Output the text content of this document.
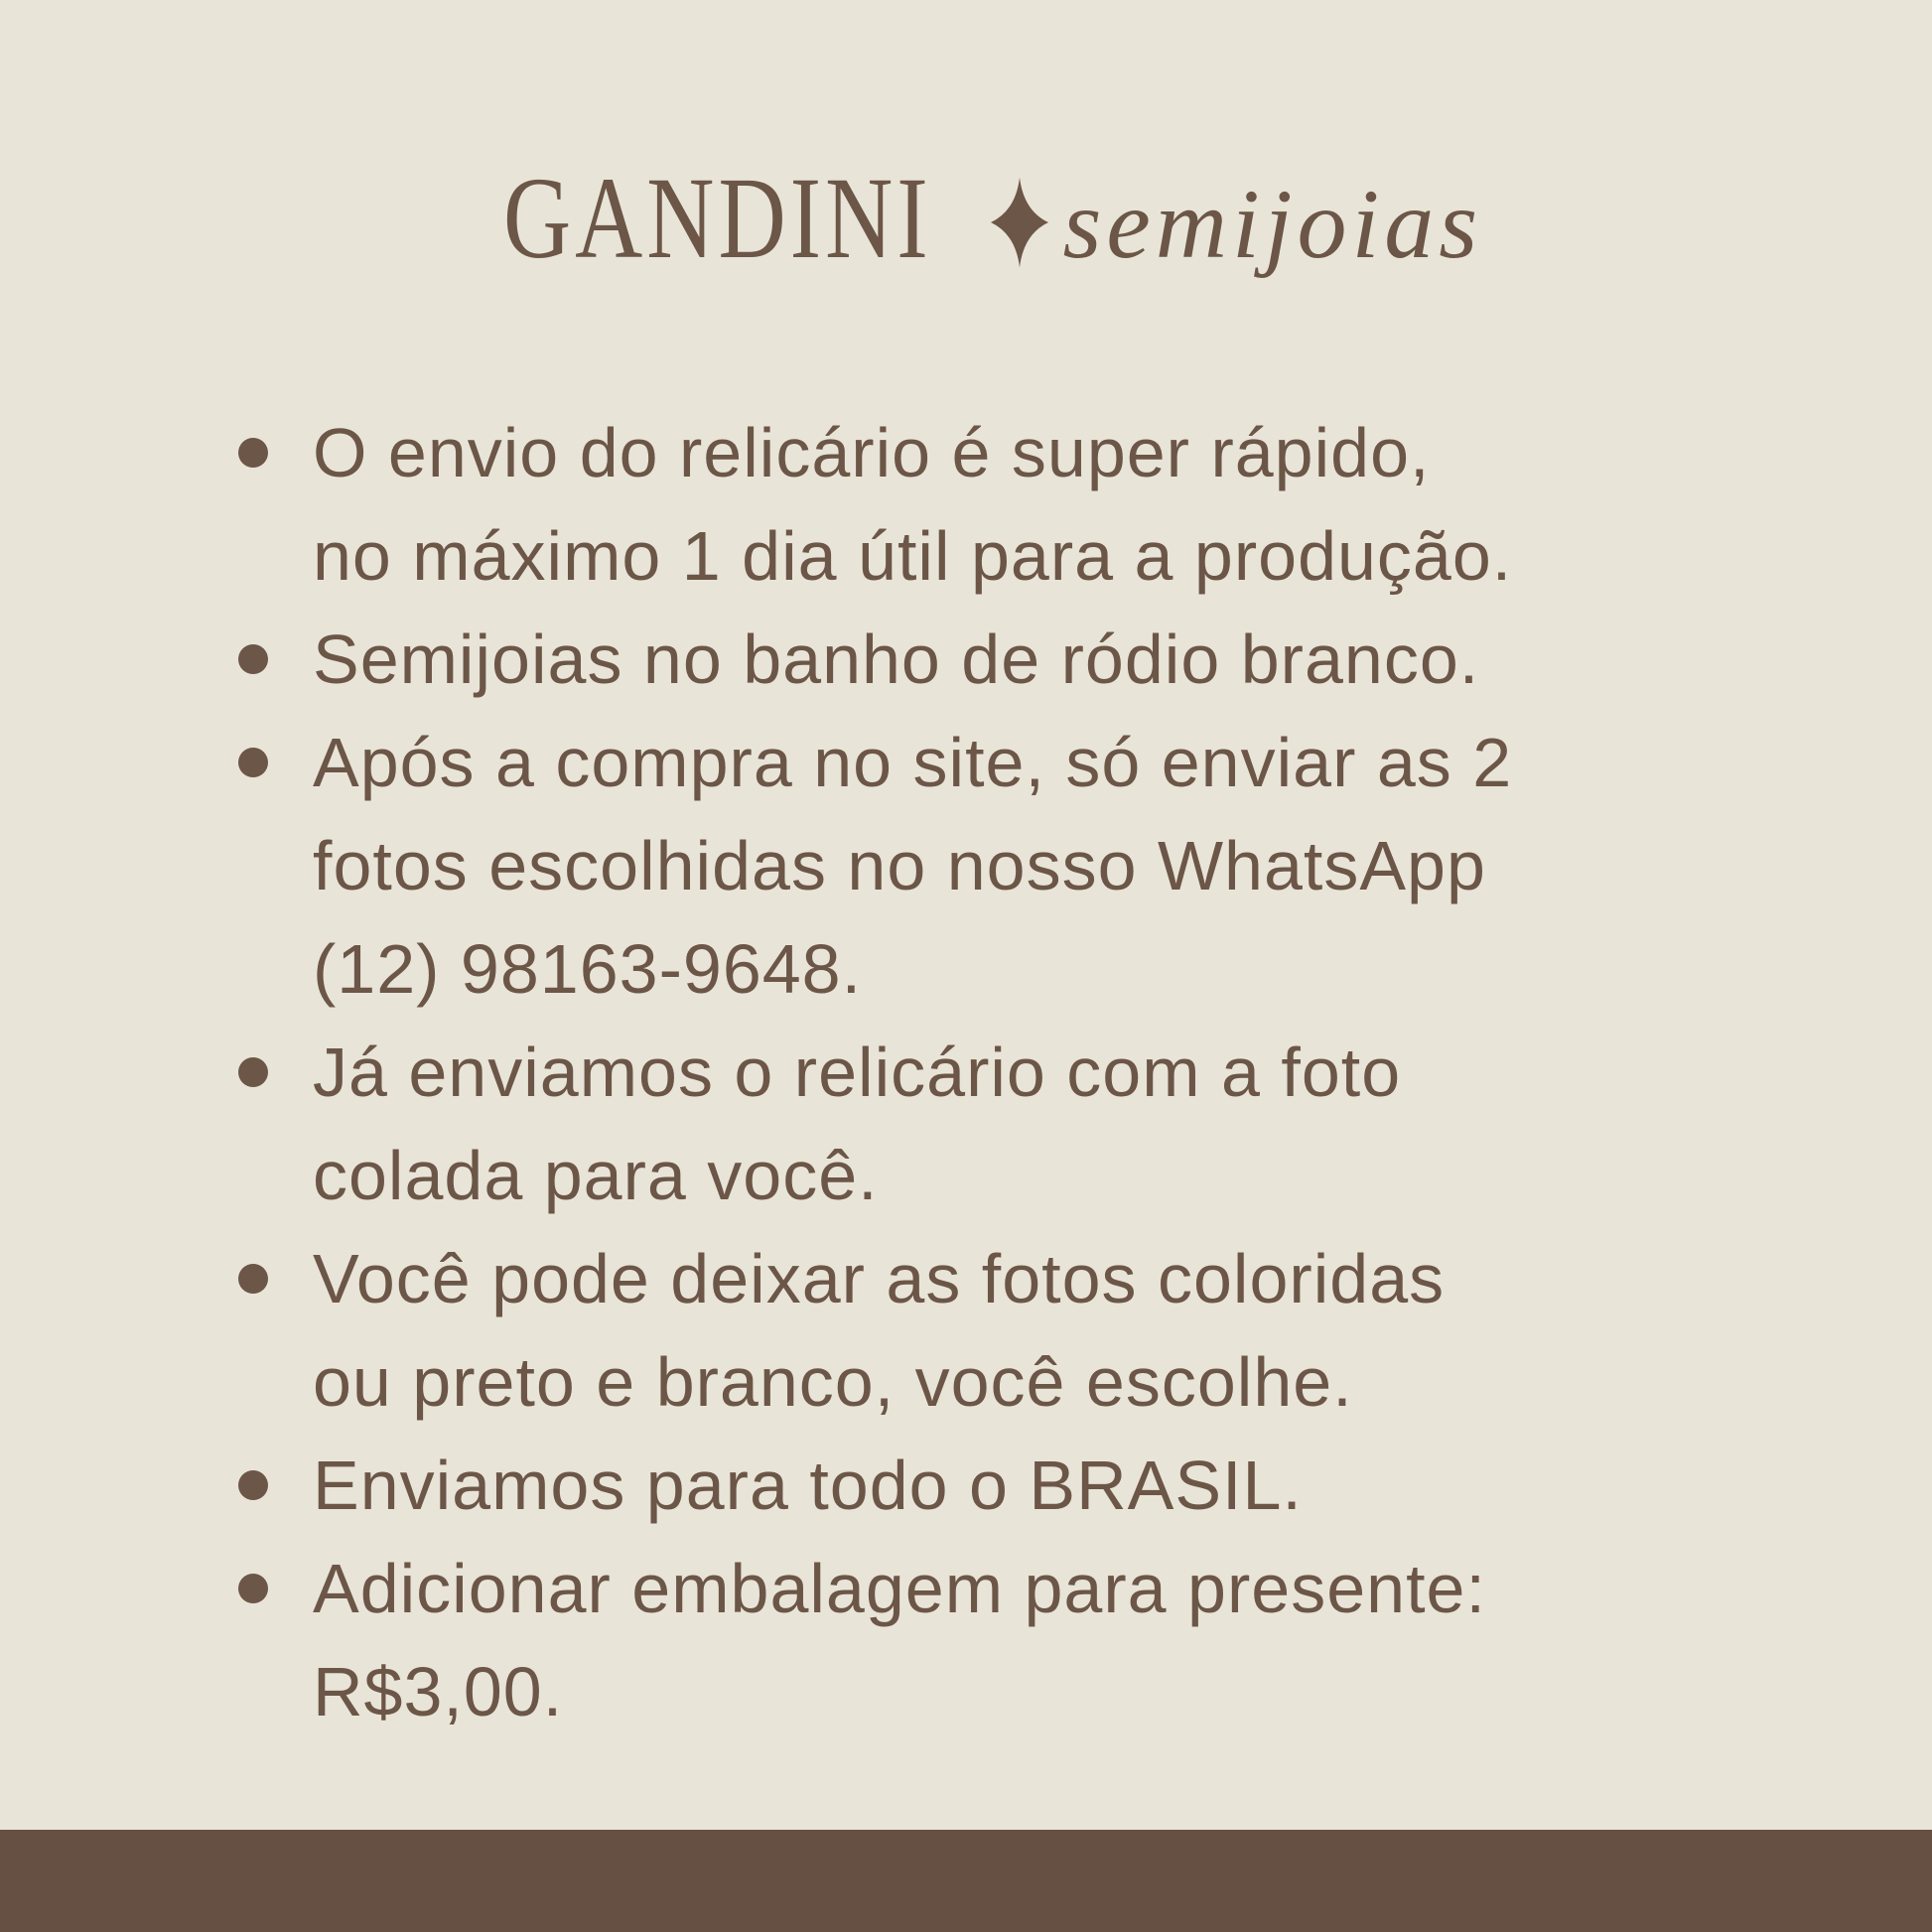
GANDINI semijoias
O envio do relicário é super rápido,
no máximo 1 dia útil para a produção.
Semijoias no banho de ródio branco.
Após a compra no site, só enviar as 2
fotos escolhidas no nosso WhatsApp
(12) 98163-9648.
Já enviamos o relicário com a foto
colada para você.
Você pode deixar as fotos coloridas
ou preto e branco, você escolhe.
Enviamos para todo o BRASIL.
Adicionar embalagem para presente:
R$3,00.
